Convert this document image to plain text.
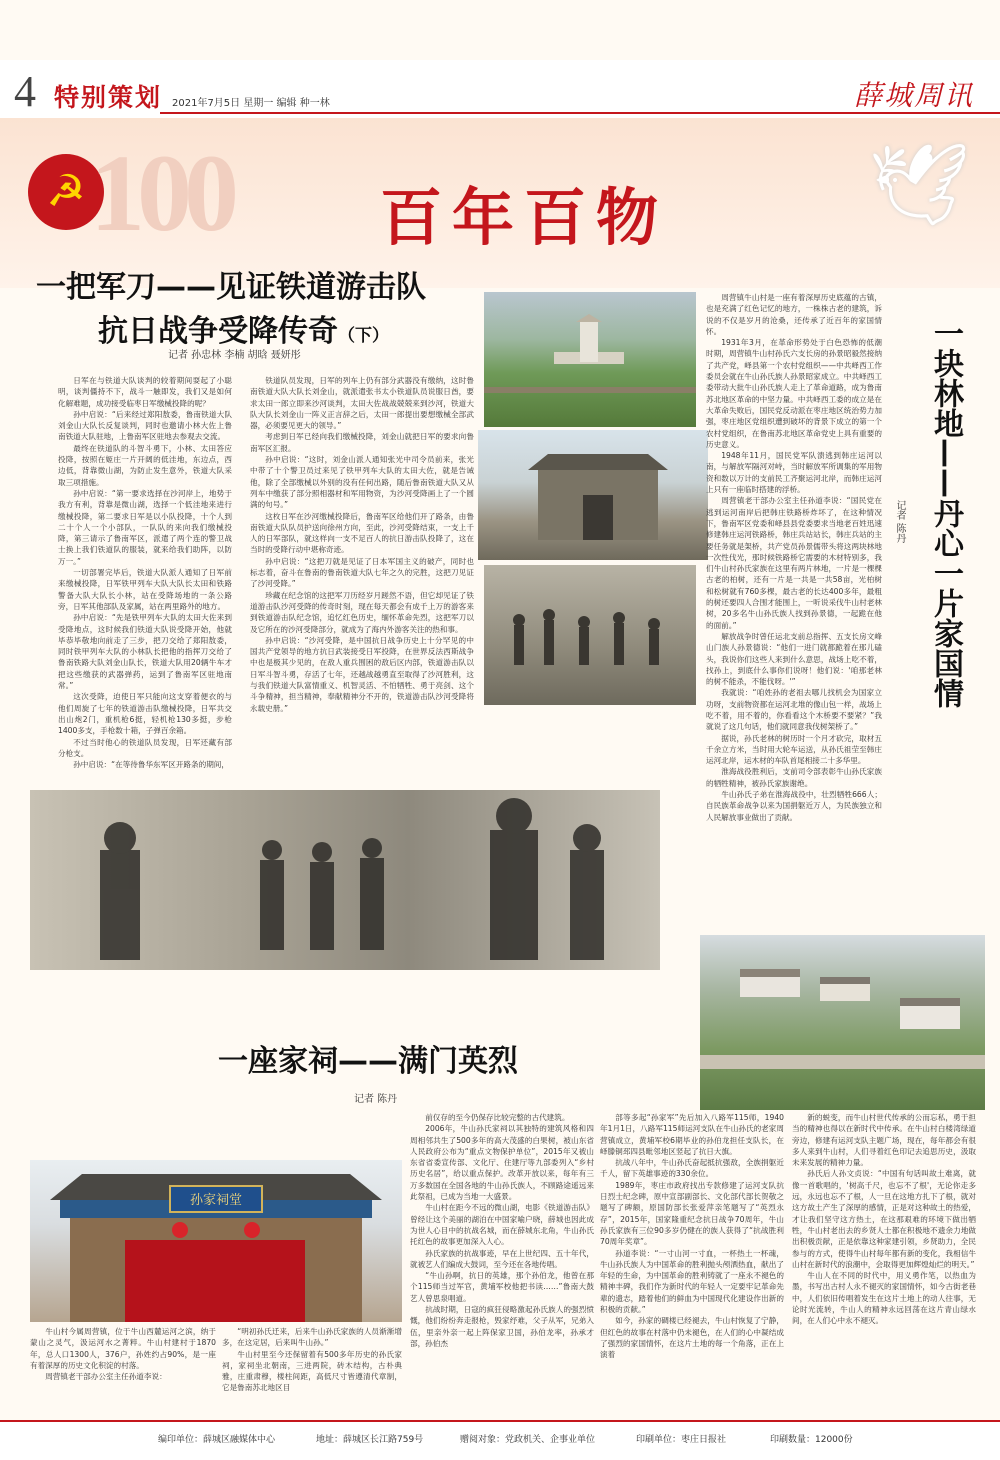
4 特别策划 2021年7月5日 星期一 编辑 种一林	薛城周讯
☭ 100 百年百物	🕊
一把军刀——见证铁道游击队
抗日战争受降传奇（下）
记者 孙忠林 李楠 胡晗 聂妍彤

日军在与铁道大队谈判的较着期间耍起了小聪明，谈判僵持不下，战斗一触即发，我们又是如何化解难题，成功接受临枣日军缴械投降的呢？

孙中启说：“后来经过郑阳敖委，鲁南铁道大队刘金山大队长反复谈判，同时也邀请小林大佐上鲁南铁道大队驻地，上鲁南军区驻地去参观去交流。

最终在铁道队的斗智斗勇下，小林、太田答应投降，按照在姬庄一片开阔的低洼地，东边点，西边低，背靠微山湖，为防止发生意外，铁道大队采取三项措施。

孙中启说：“第一要求选择在沙河岸上，地势于我方有利，背靠是微山湖，选择一个低洼地来进行缴械投降，第二要求日军是以小队投降，十个人到二十个人一个小部队，一队队的来向我们缴械投降，第三请示了鲁南军区，派遣了两个连的警卫战士换上我们铁道队的服装，就来给我们助阵，以防万一。”

一切部署完毕后，铁道大队派人通知了日军前来缴械投降，日军铁甲列车大队大队长太田和铁路警备大队大队长小林，站在受降场地的一条公路旁，日军其他部队及家属，站在两里路外的地方。

孙中启说：“先是铁甲列车大队的太田大佐来到受降地点，这时候我们铁道大队说受降开始，他就毕恭毕敬地向前走了三步，把刀交给了郑阳敖委，同时铁甲列车大队的小林队长把他的指挥刀交给了鲁南铁路大队刘金山队长，铁道大队用20辆牛车才把这些缴获的武器弹药，运到了鲁南军区驻地南常。”

这次受降，迫使日军只能向这支穿着便衣的与他们周旋了七年的铁道游击队缴械投降，日军共交出山炮2门，重机枪6挺，轻机枪130多挺，步枪1400多支，手枪数十箱，子弹百余箱。

不过当时他心的铁道队员发现，日军还藏有部分枪支。

孙中启说：“在等待鲁华东军区开路条的期间，

铁道队员发现，日军的列车上仍有部分武器没有缴纳，这时鲁南铁道大队大队长刘金山，就派遣张书太小铁道队员说服日酋，要求太田一郎立即来沙河谈判，太田大佐战战兢兢来到沙河，铁道大队大队长刘金山一阵义正言辞之后，太田一郎提出要想缴械全部武器，必须要见更大的领导。”

考虑到日军已经向我们缴械投降，刘金山就把日军的要求向鲁南军区汇报。

孙中启说：“这时，刘金山派人通知张光中司令员前来，张光中带了十个警卫员过来见了铁甲列车大队的太田大佐，就是告诫他，除了全部缴械以外别的没有任何出路，随后鲁南铁道大队又从列车中缴获了部分照相器材和军用物资，为沙河受降画上了一个圆满的句号。”

这枚日军在沙河缴械投降后，鲁南军区给他们开了路条，由鲁南铁道大队队员护送向徐州方向，至此，沙河受降结束，一支上千人的日军部队，就这样向一支不足百人的抗日游击队投降了，这在当时的受降行动中堪称奇迹。

孙中启说：“这把刀就是见证了日本军国主义的破产，同时也标志着，奋斗在鲁南的鲁南铁道大队七年之久的完胜，这把刀见证了沙河受降。”

珍藏在纪念馆的这把军刀历经岁月蹉然不语，但它却见证了铁道游击队沙河受降的传奇时刻，现在每天都会有成千上万的游客来到铁道游击队纪念馆，追忆红色历史，缅怀革命先烈，这把军刀以及它所在的沙河受降部分，就成为了海内外游客关注的热和事。

孙中启说：“沙河受降，是中国抗日战争历史上十分罕见的中国共产党领导的地方抗日武装接受日军投降，在世界反法西斯战争中也是极其少见的，在敌人重兵围困的敌后区内部，铁道游击队以日军斗智斗勇，存活了七年，还越战越勇直至取得了沙河胜利，这与我们铁道大队富情重义、机智灵活、不怕牺牲、勇于亮剑、这个斗争精神，担当精神，奉献精神分不开的，铁道游击队沙河受降将永载史册。”

一块林地——丹心一片家国情
记者 陈丹

周营镇牛山村是一座有着深厚历史底蕴的古镇，也是充满了红色记忆的地方，一株株古老的建筑，诉说的不仅是岁月的沧桑，还传承了近百年的家国情怀。

1931年3月，在革命形势处于白色恐怖的低潮时期，周营镇牛山村孙氏六支长房的孙景昭毅然接纳了共产党，峄县第一个农村党组织——中共峄西工作委员会就在牛山孙氏族人孙景昭家成立。中共峄西工委带动大批牛山孙氏族人走上了革命道路，成为鲁南苏北地区革命的中坚力量。中共峄西工委的成立是在大革命失败后，国民党反动派在枣庄地区统治势力加强，枣庄地区党组织遭到破坏的背景下成立的第一个农村党组织，在鲁南苏北地区革命党史上具有重要的历史意义。

1948年11月，国民党军队溃逃到韩庄运河以南，与解放军隔河对峙，当时解放军所调集的军用物资和数以万计的支前民工齐聚运河北岸，而韩庄运河上只有一座临时搭建的浮桥。

周营镇老干部办公室主任孙道李说：“国民党在逃到运河南岸后把韩庄铁路桥炸坏了，在这种情况下，鲁南军区党委和峄县县党委要求当地老百姓迅速修建韩庄运河铁路桥，韩庄兵站站长，韩庄兵站的主要任务就是架桥，共产党员孙景儒带头将这两块林地一次性伐光，那时候铁路桥它需要的木材特别多，我们牛山村孙氏家族在这里有两片林地，一片是一棵棵古老的柏树，还有一片是一共是一共58亩，光柏树和松树就有760多棵，最古老的长达400多年，最粗的树还要四人合围才能围上，一听说采伐牛山村老林树，20多名牛山孙氏族人找到孙景德，一起跪在他的面前。”

解放战争时曾任运北支前总指挥、五支长房文峰山门族人孙景德说：“他们一进门就都跪着在那儿磕头，我说你们这些人来到什么意思，战场上吃不着，找孙上，到底什么事你们说呀！他们说：'咱那老林的树不能杀，不能伐呀。'”

我就说：“咱姓孙的老祖去哪儿找机会为国家立功呀，支前物资都在运河北堆的像山包一样，战场上吃不着，用不着的，你看看这个木桥要不要紧？”我就说了这几句话，他们就同意我伐树架桥了。”

据说，孙氏老林的树历时一个月才砍完，取材五千余立方米，当时用大轮车运送，从孙氏祖茔至韩庄运河北岸，运木材的车队首尾相接二十多华里。

淮海战役胜利后，支前司令部表彰牛山孙氏家族的牺牲精神，被孙氏家族谢绝。

牛山孙氏子弟在淮海战役中，壮烈牺牲666人；自民族革命战争以来为国捐躯近万人，为民族独立和人民解放事业做出了贡献。

一座家祠——满门英烈
记者 陈丹
孙家祠堂

牛山村今属周营镇，位于牛山西麓运河之滨，纳于蒙山之灵气，汲运河水之菁粹。牛山村建村于1870年，总人口1300人，376户，孙姓约占90%，是一座有着深厚的历史文化积淀的村落。

周营镇老干部办公室主任孙道李说：

“明初孙氏迁来，后来牛山孙氏家族的人员渐渐增多，在这定居，后来叫牛山孙。”

牛山村里至今还保留着有500多年历史的孙氏家祠，家祠坐北朝南，三进两院，砖木结构，古朴典雅，庄重肃穆，楼柱间距，高低尺寸皆遵清代章制，它是鲁南苏北地区目

前仅存的至今仍保存比较完整的古代建筑。

2006年，牛山孙氏家祠以其独特的建筑风格和四周相邻共生了500多年的高大茂盛的白果树，被山东省人民政府公布为“重点文物保护单位”，2015年又被山东省省委宣传部、文化厅、住建厅等九部委列入“乡村历史名居”，给以重点保护。改革开放以来，每年有三万多数国在全国各地的牛山孙氏族人，不顾路途遥远来此祭祖，已成为当地一大盛景。

牛山村在距今不远的微山湖，电影《铁道游击队》曾经让这个美丽的湖泊在中国家喻户晓，薛城也因此成为世人心目中的抗战名城，而在薛城东北角，牛山孙氏托红色的故事更加深入人心。

孙氏家族的抗战事迹，早在上世纪四、五十年代，就被艺人们编成大鼓词，至今还在各地传唱。

“牛山孙啊，抗日的英雄，那个孙伯龙，他曾在那个115师当过军官，黄埔军校他把书读……”鲁南大鼓艺人曾思泉唱道。

抗战时期，日寇的疯狂侵略激起孙氏族人的强烈愤慨，他们纷纷奔走报枪，毁家纾难，父子从军，兄弟入伍，里亲外亲一起上阵保家卫国，孙伯龙率，孙承才部，孙伯杰

部等多起“孙家军”先后加入八路军115师，1940年1月1日，八路军115师运河支队在牛山孙氏的老家周营镇成立，黄埔军校6期毕业的孙伯龙担任支队长，在峄滕铜邳四县毗邻地区竖起了抗日大旗。

抗战八年中，牛山孙氏奋起抵抗强敌，全族捐躯近千人，留下英雄事迹的330余位。

1989年，枣庄市政府找出专款修建了运河支队抗日烈士纪念碑，原中宣部副部长、文化部代部长贺敬之题写了碑额，原国防部长张爱萍亲笔题写了“英烈永存”，2015年，国家隆重纪念抗日战争70周年，牛山孙氏家族有三位90多岁仍健在的族人获得了“抗战胜利70周年奖章”。

孙道李说：“一寸山河一寸血，一杯热土一杯魂，牛山孙氏族人为中国革命的胜利抛头颅洒热血，献出了年轻的生命，为中国革命的胜利铸就了一座永不褪色的精神丰碑，我们作为新时代的年轻人一定要牢记革命先辈的遗志，踏着他们的鲜血为中国现代化建设作出新的积极的贡献。”

如今，孙家的碉楼已经褪去，牛山村恢复了宁静，但红色的故事在村落中仍未褪色，在人们的心中凝结成了强烈的家国情怀，在这片土地的每一个角落，正在上演着

新的蜕变，而牛山村世代传承的公而忘私，勇于担当的精神也得以在新时代中传承。在牛山村白楼湾绿道旁边，修建有运河支队主题广场，现在，每年都会有很多人来到牛山村，人们寻着红色印记去追思历史，汲取未来发展的精神力量。

孙氏后人孙文贞说：“中国有句话叫故土难离，就像一首歌唱的，'树高千尺，也忘不了根'，无论你走多远，永远也忘不了根，人一旦在这地方扎下了根，就对这方故土产生了深厚的感情，正是对这种故土的热爱，才让我们坚守这方热土，在这那艰难的环境下做出牺牲，牛山村老出去的乡贤人士都在积极地不遗余力地做出积极贡献，正是依靠这种家建引领，乡贤助力，全民参与的方式，使得牛山村每年都有新的变化，我相信牛山村在新时代的浪潮中，会取得更加辉煌灿烂的明天。”

牛山人在不同的时代中，用义勇作笔，以热血为墨，书写出古村人永不褪灭的家国情怀，如今古街老巷中，人们依旧传唱着发生在这片土地上的动人往事，无论时光流转，牛山人的精神永远回荡在这片青山绿水间，在人们心中永不褪灭。

编印单位：薛城区融媒体中心	地址：薛城区长江路759号	赠阅对象：党政机关、企事业单位	印刷单位：枣庄日报社	印刷数量：12000份
